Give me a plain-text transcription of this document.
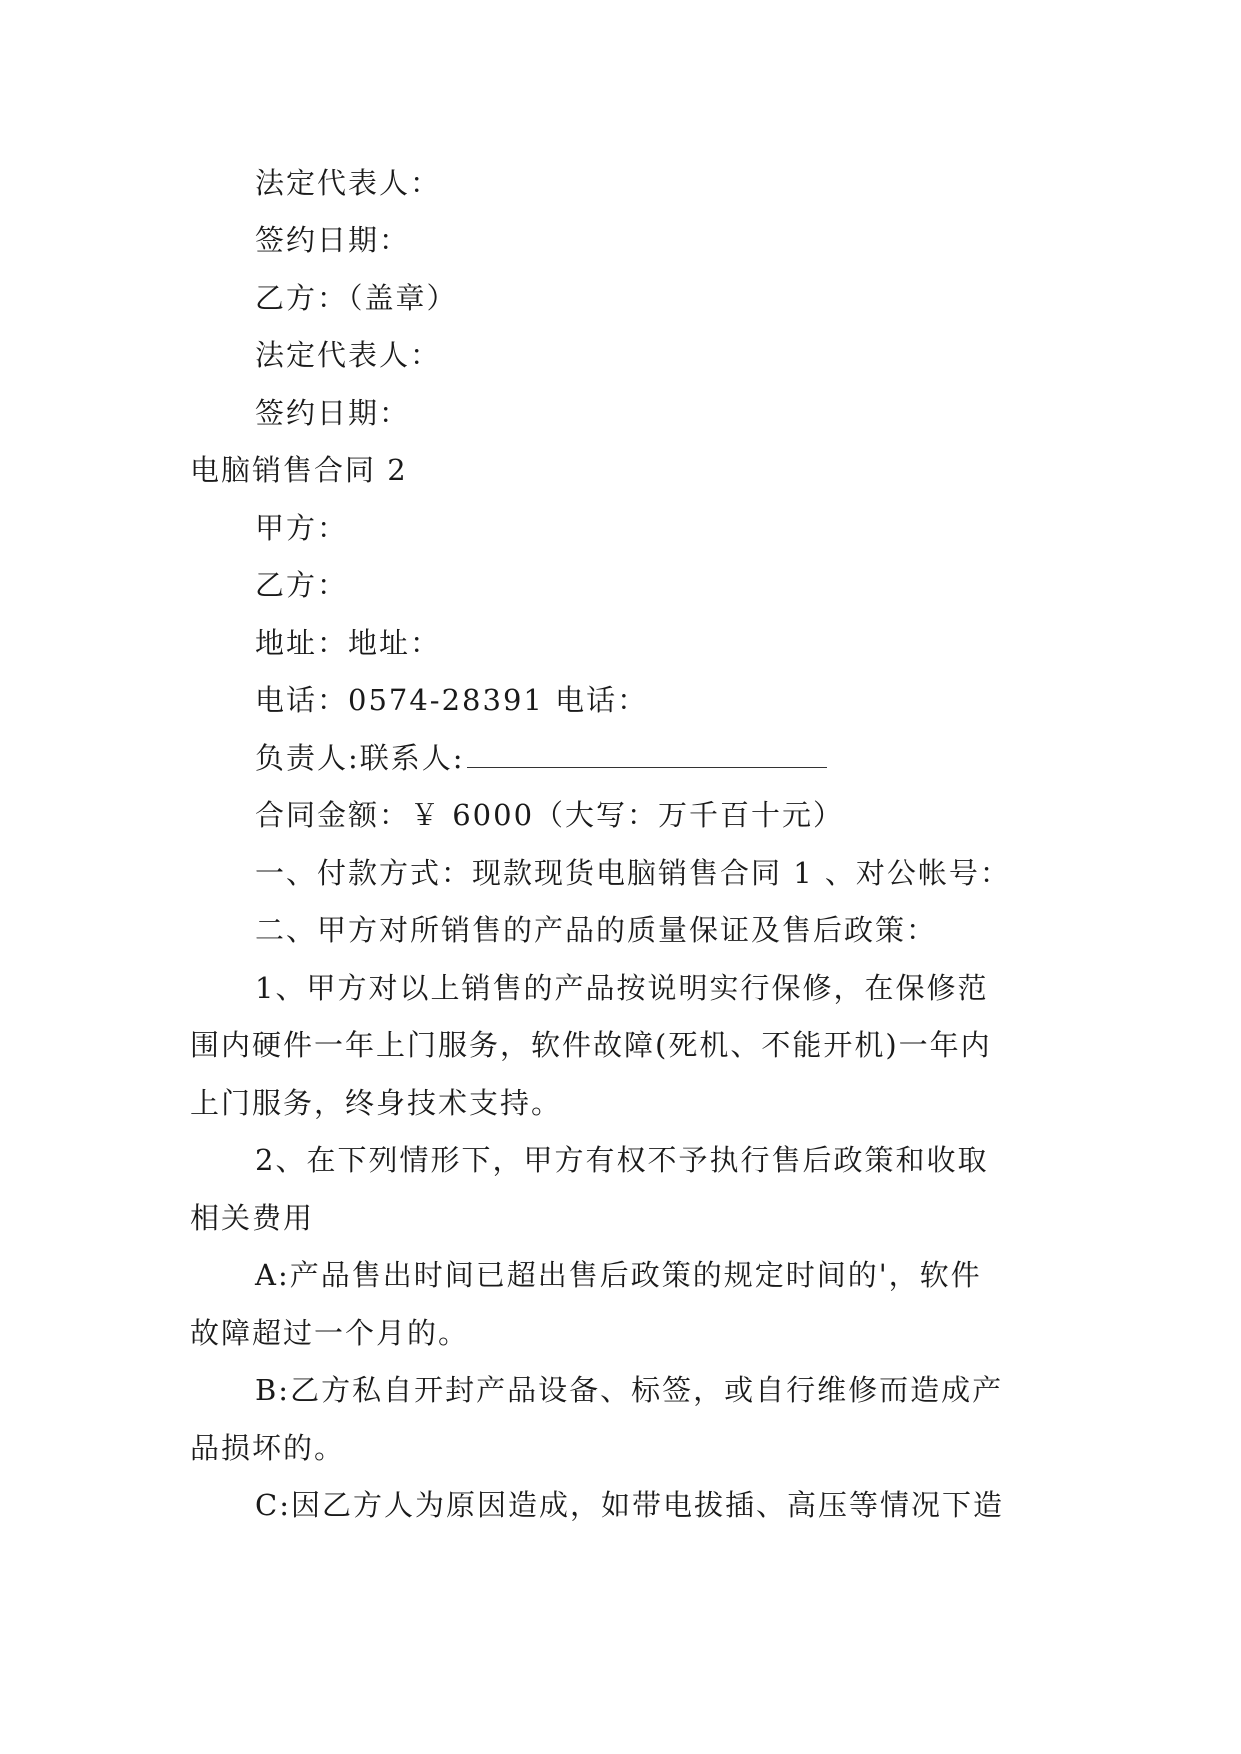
法定代表人：
签约日期：
乙方：（盖章）
法定代表人：
签约日期：
电脑销售合同 2
甲方：
乙方：
地址：地址：
电话：0574-28391 电话：
负责人:联系人:
合同金额：￥ 6000（大写：万千百十元）
一、付款方式：现款现货电脑销售合同 1 、对公帐号：
二、甲方对所销售的产品的质量保证及售后政策：
1、甲方对以上销售的产品按说明实行保修，在保修范
围内硬件一年上门服务，软件故障(死机、不能开机)一年内
上门服务，终身技术支持。
2、在下列情形下，甲方有权不予执行售后政策和收取
相关费用
A:产品售出时间已超出售后政策的规定时间的'，软件
故障超过一个月的。
B:乙方私自开封产品设备、标签，或自行维修而造成产
品损坏的。
C:因乙方人为原因造成，如带电拔插、高压等情况下造
